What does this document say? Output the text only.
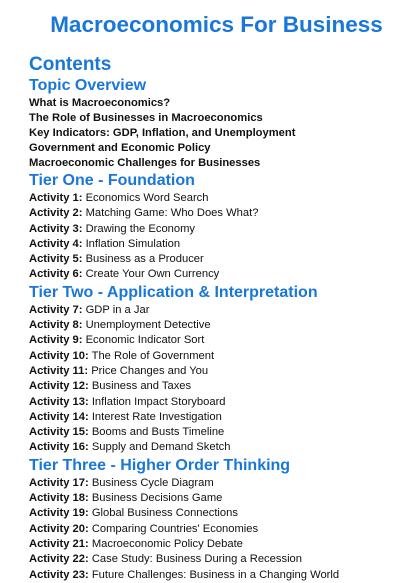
Macroeconomics For Business
Contents
Topic Overview
What is Macroeconomics?
The Role of Businesses in Macroeconomics
Key Indicators: GDP, Inflation, and Unemployment
Government and Economic Policy
Macroeconomic Challenges for Businesses
Tier One - Foundation
Activity 1: Economics Word Search
Activity 2: Matching Game: Who Does What?
Activity 3: Drawing the Economy
Activity 4: Inflation Simulation
Activity 5: Business as a Producer
Activity 6: Create Your Own Currency
Tier Two - Application & Interpretation
Activity 7: GDP in a Jar
Activity 8: Unemployment Detective
Activity 9: Economic Indicator Sort
Activity 10: The Role of Government
Activity 11: Price Changes and You
Activity 12: Business and Taxes
Activity 13: Inflation Impact Storyboard
Activity 14: Interest Rate Investigation
Activity 15: Booms and Busts Timeline
Activity 16: Supply and Demand Sketch
Tier Three - Higher Order Thinking
Activity 17: Business Cycle Diagram
Activity 18: Business Decisions Game
Activity 19: Global Business Connections
Activity 20: Comparing Countries' Economies
Activity 21: Macroeconomic Policy Debate
Activity 22: Case Study: Business During a Recession
Activity 23: Future Challenges: Business in a Changing World
